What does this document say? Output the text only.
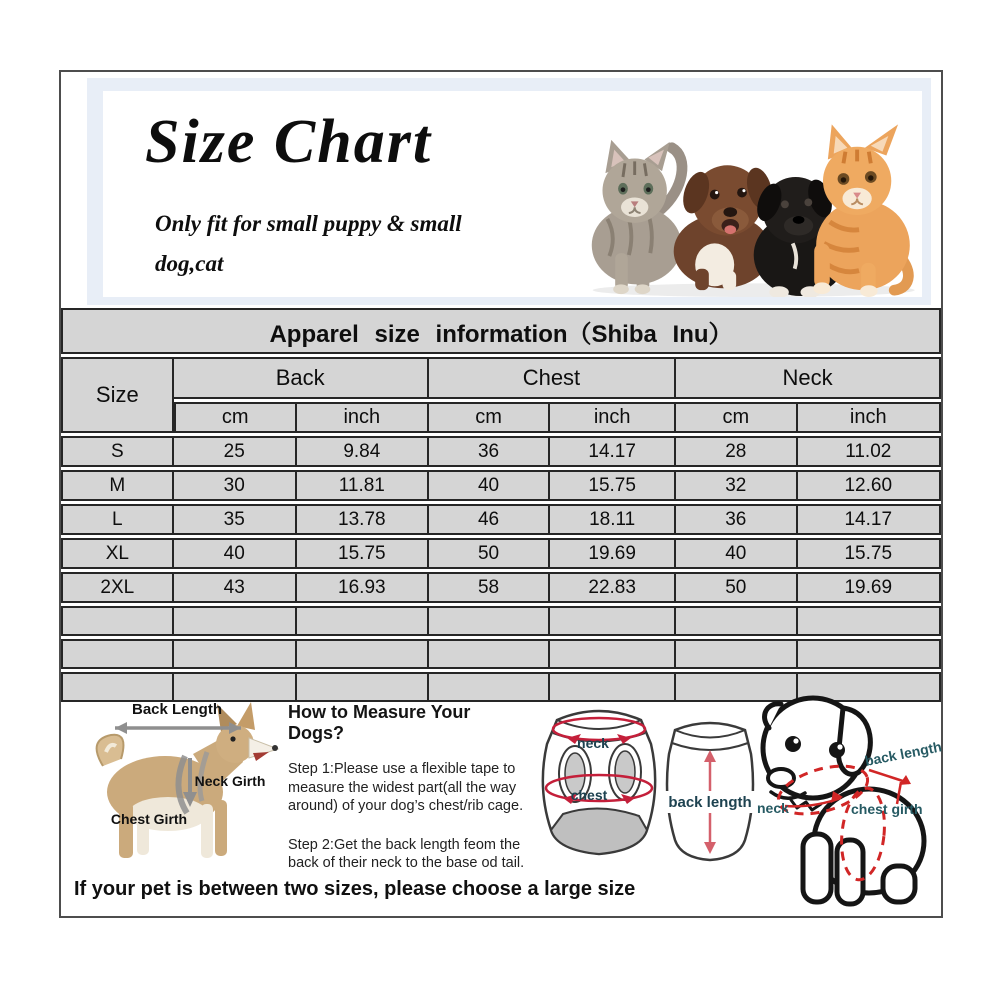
Size Chart
Only fit for small puppy & small
dog,cat
Apparel size information（Shiba Inu）						
Size	Back		Chest		Neck	
	cm	inch	cm	inch	cm	inch
S	25	9.84	36	14.17	28	11.02
M	30	11.81	40	15.75	32	12.60
L	35	13.78	46	18.11	36	14.17
XL	40	15.75	50	19.69	40	15.75
2XL	43	16.93	58	22.83	50	19.69

Back Length
Neck Girth
Chest Girth

How to Measure Your Dogs?

Step 1:Please use a flexible tape to measure the widest part(all the way around) of your dog’s chest/rib cage.

Step 2:Get the back length feom the back of their neck to the base od tail.

neck
chest	back length
back length
neck	chest girth
If your pet is between two sizes, please choose a large size
